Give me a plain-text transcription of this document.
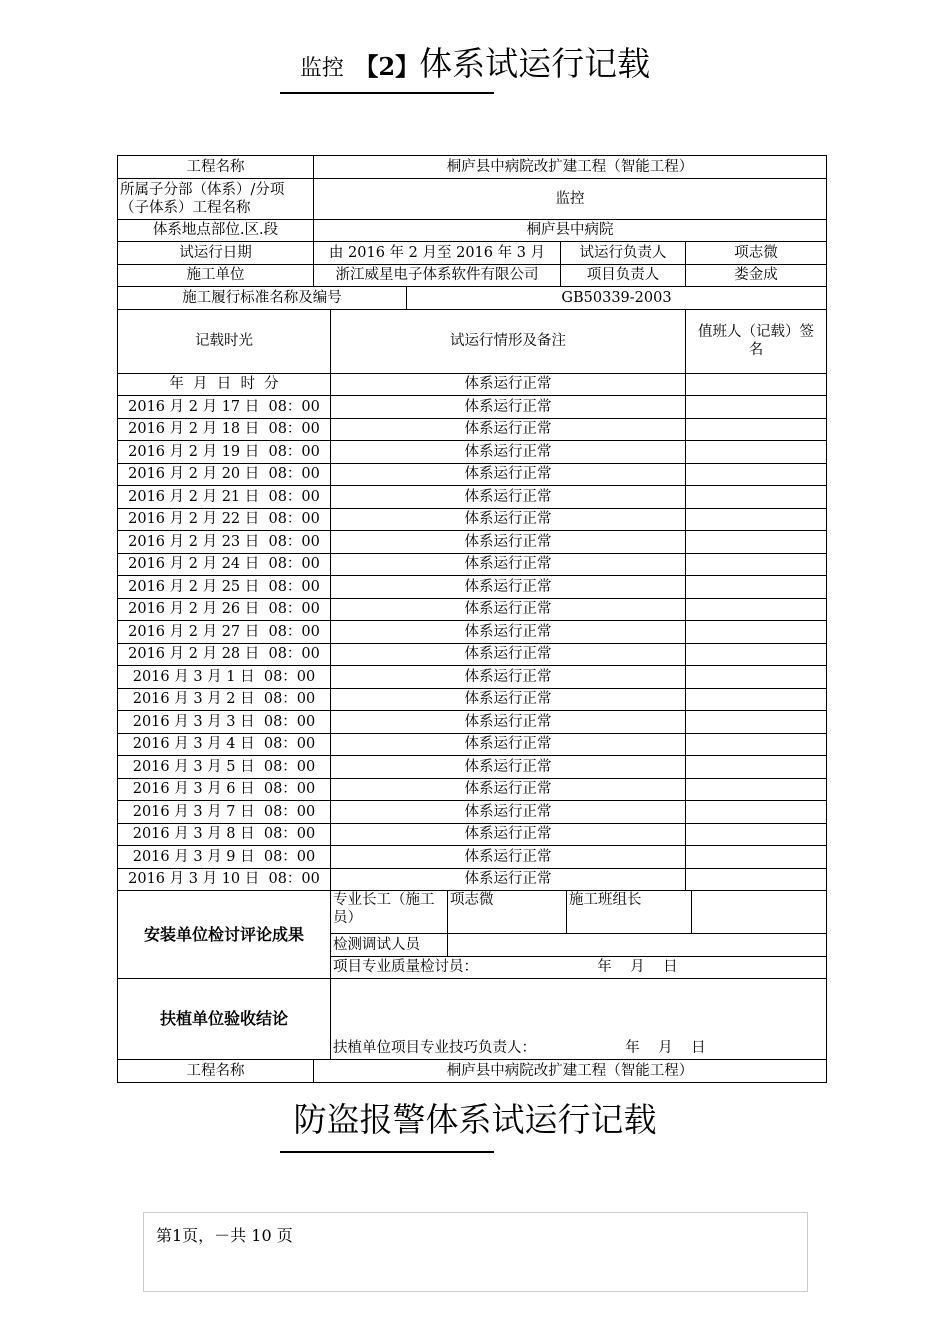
监控 【2】体系试运行记载
工程名称	桐庐县中病院改扩建工程（智能工程）							
所属子分部（体系）/分项（子体系）工程名称	监控							
体系地点部位.区.段	桐庐县中病院							
试运行日期	由 2016 年 2 月至 2016 年 3 月				试运行负责人		项志微	
施工单位	浙江威星电子体系软件有限公司				项目负责人		娄金成	
施工履行标准名称及编号			GB50339-2003					
记载时光		试运行情形及备注					值班人（记载）签名	
年  月  日  时  分		体系运行正常						
2016 月 2 月 17 日  08：00		体系运行正常						
2016 月 2 月 18 日  08：00		体系运行正常						
2016 月 2 月 19 日  08：00		体系运行正常						
2016 月 2 月 20 日  08：00		体系运行正常						
2016 月 2 月 21 日  08：00		体系运行正常						
2016 月 2 月 22 日  08：00		体系运行正常						
2016 月 2 月 23 日  08：00		体系运行正常						
2016 月 2 月 24 日  08：00		体系运行正常						
2016 月 2 月 25 日  08：00		体系运行正常						
2016 月 2 月 26 日  08：00		体系运行正常						
2016 月 2 月 27 日  08：00		体系运行正常						
2016 月 2 月 28 日  08：00		体系运行正常						
2016 月 3 月 1 日  08：00		体系运行正常						
2016 月 3 月 2 日  08：00		体系运行正常						
2016 月 3 月 3 日  08：00		体系运行正常						
2016 月 3 月 4 日  08：00		体系运行正常						
2016 月 3 月 5 日  08：00		体系运行正常						
2016 月 3 月 6 日  08：00		体系运行正常						
2016 月 3 月 7 日  08：00		体系运行正常						
2016 月 3 月 8 日  08：00		体系运行正常						
2016 月 3 月 9 日  08：00		体系运行正常						
2016 月 3 月 10 日  08：00		体系运行正常						
安装单位检讨评论成果		专业长工（施工员）		项志微		施工班组长		
		检测调试人员						
		项目专业质量检讨员： 年    月    日						
扶植单位验收结论		扶植单位项目专业技巧负责人： 年    月    日						
工程名称	桐庐县中病院改扩建工程（智能工程）							
防盗报警体系试运行记载
第1页，－共 10 页
